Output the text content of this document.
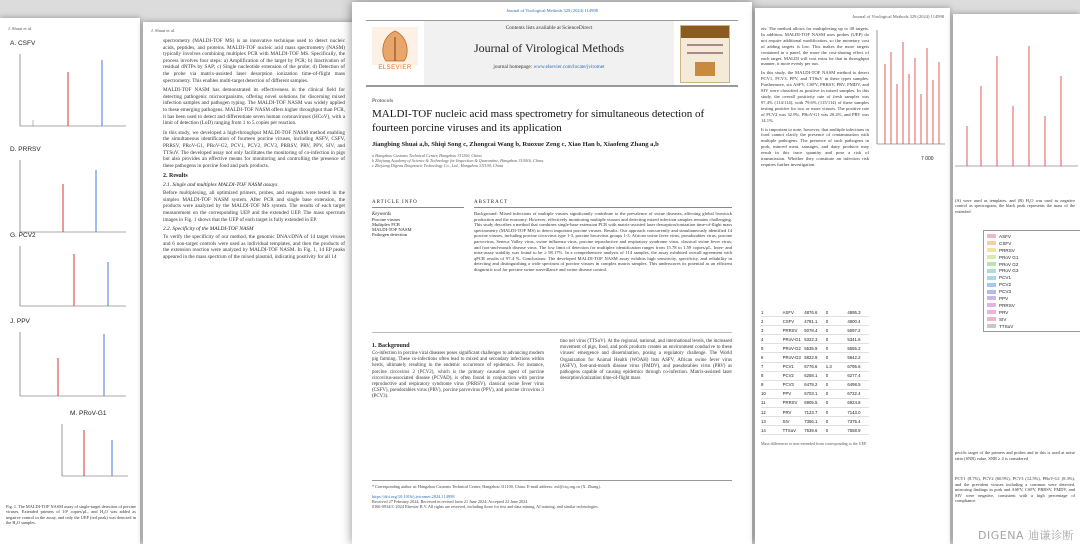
J. Shuai et al.
A. CSFV
D. PRRSV
G. PCV2
J. PPV
M. PRoV-G1
Fig. 1. The MALDI-TOF NASM assay of single-target detection of porcine viruses. Extended primers of 10¹ copies/μL, and H₂O was added as negative control in the assay, and only the UEP (red peak) was detected in the H₂O samples.
J. Shuai et al.
spectrometry (MALDI-TOF MS) is an innovative technique used to detect nucleic acids, peptides, and proteins. MALDI-TOF nucleic acid mass spectrometry (NASM) typically involves combining multiplex PCR with MALDI-TOF MS. Specifically, the process involves four steps: a) Amplification of the target by PCR; b) Inactivation of residual dNTPs by SAP; c) Single nucleotide extension of the probe; d) Detection of the probe via matrix-assisted laser desorption ionization time-of-flight mass spectrometry. This enables multi-target detection of different samples.
MALDI-TOF NASM has demonstrated its effectiveness in the clinical field for detecting pathogenic microorganisms, offering novel solutions for discerning mixed infection samples and pathogen typing. The MALDI-TOF NASM was widely applied to these emerging pathogens. MALDI-TOF NASM offers higher throughput than PCR, it has been used to detect and differentiate seven human coronaviruses (HCoV), with a limit of detection (LoD) ranging from 1 to 5 copies per reaction.
In this study, we developed a high-throughput MALDI-TOF NASM method enabling the simultaneous identification of fourteen porcine viruses, including ASFV, CSFV, PRRSV, PRoV-G1, PRoV-G2, PCV1, PCV2, PCV3, PRRSV, PRV, PPV, SIV, and TTSuV. The developed assay not only facilitates the monitoring of co-infection in pigs but also provides an effective means for monitoring and controlling the presence of these pathogens in porcine food and pork products.
2. Results
2.1. Single and multiplex MALDI-TOF NASM assays
Before multiplexing, all optimized primers, probes, and reagents were tested in the simplex MALDI-TOF NASM system. After PCR and single base extension, the products were analyzed by the MALDI-TOF MS system. The results of each target measurement on the corresponding UEP and the extended UEP. The mass spectrum images in Fig. 1 shows that the UEP of each target is fully extended in EP.
2.2. Specificity of the MALDI-TOF NASM
To verify the specificity of our method, the genomic DNA/cDNA of 14 target viruses and 6 non-target controls were used as individual templates, and then the products of the extension reaction were analyzed by MALDI-TOF NASM. In Fig. 1, 14 EP peaks appeared in the mass spectrum of the mixed plasmid, indicating positivity for all 14
Journal of Virological Methods 329 (2024) 114998
ELSEVIER
Contents lists available at ScienceDirect
Journal of Virological Methods
journal homepage: www.elsevier.com/locate/jviromet
Protocols
MALDI-TOF nucleic acid mass spectrometry for simultaneous detection of fourteen porcine viruses and its application
Jiangbing Shuai a,b, Shiqi Song c, Zhongcai Wang b, Ruoxue Zeng c, Xiao Han b, Xiaofeng Zhang a,b
a Hangzhou Customs Technical Center, Hangzhou 311100, China
b Zhejiang Academy of Science & Technology for Inspection & Quarantine, Hangzhou 310016, China
c Zhejiang Digena Diagnostic Technology Co., Ltd., Hangzhou 311100, China
ARTICLE INFO
Keywords
Porcine viruses
Multiplex PCR
MALDI-TOF NASM
Pathogen detection
ABSTRACT
Background: Mixed infections of multiple viruses significantly contribute to the prevalence of swine diseases, affecting global livestock production and the economy. However, effectively monitoring multiple viruses and detecting mixed infection samples remains challenging. This study describes a method that combines single-base extension PCR with matrix-assisted laser desorption/ionization time-of-flight mass spectrometry (MALDI-TOF MS) to detect important porcine viruses. Results: Our approach concurrently and simultaneously identified 14 porcine viruses, including porcine circovirus type 1-3, porcine bocavirus groups 1-3, African swine fever virus, pseudorabies virus, porcine parvovirus, Seneca Valley virus, swine influenza virus, porcine reproductive and respiratory syndrome virus, classical swine fever virus, and foot-and-mouth disease virus. The low limit of detection for multiplex identification ranges from 15.78 to 1.59 copies/μL. Inter- and intra-assay stability was found to be ≥ 98.17%. In a comprehensive analysis of 114 samples, the assay exhibited overall agreement with qPCR results of 97.4 %. Conclusions: The developed MALDI-TOF NASM assay exhibits high sensitivity, specificity, and reliability in detecting and distinguishing a wide spectrum of porcine viruses in complex matrix samples. This underscores its potential as an efficient diagnostic tool for porcine swine surveillance and swine disease control.
1. Background
Co-infection in porcine viral diseases poses significant challenges to advancing modern pig farming. These co-infections often lead to mixed and secondary infections within herds, ultimately resulting in the endemic occurrence of epidemics. For instance, porcine circovirus 2 (PCV2), which is the primary causative agent of porcine circovirus-associated disease (PCVAD), is often found in conjunction with porcine reproductive and respiratory syndrome virus (PRRSV), classical swine fever virus (CSFV), pseudorabies virus (PRV), porcine parvovirus (PPV), and porcine circovirus 3 (PCV3).
tino nel virus (TTSuV). At the regional, national, and international levels, the increased movement of pigs, food, and pork products creates an environment conducive to these viruses' emergence and dissemination, posing a regulatory challenge. The World Organization for Animal Health (WOAH) lists ASFV, African swine fever virus (ASFV), foot-and-mouth disease virus (FMDV), and pseudorabies virus (PRV) as pathogens capable of causing epidemics through co-infection. Matrix-assisted laser desorption/ionization time-of-flight mass
* Corresponding author at: Hangzhou Customs Technical Center, Hangzhou 311100, China. E-mail address: zxf@ciq.org.cn (X. Zhang).
https://doi.org/10.1016/j.jviromet.2024.114998
Received 27 February 2024; Received in revised form 21 June 2024; Accepted 22 June 2024
0166-0934/© 2024 Elsevier B.V. All rights are reserved, including those for text and data mining, AI training, and similar technologies.
Journal of Virological Methods 329 (2024) 114998
ets. The method allows for multiplexing up to 40 targets. In addition, MALDI-TOF NASM uses probes (UEP) do not require additional modification, so the monetary cost of adding targets is low. This makes the more targets contained in a panel, the more the cost-sharing effect of each target. MALDI will cost extra for that in throughput manner, it more evenly per run.
In this study, the MALDI-TOF NASM method to detect PCV1, PCV3, PPV, and TTSuV in these types samples. Furthermore, six ASFV, CSFV, PRRSV, PRV, FMDV, and SIV were classified as positive in mixed samples. In this study, the overall positivity rate of fresh samples was 97.4% (114/114), with 79.6% (115/114) of these samples testing positive for two or more viruses. The positive rate of PCV2 was 32.9%, PRoV-G1 was 20.2%, and PRV was 14.1%.
It is important to note, however, that multiple infections in food cannot clarify the presence of contamination with multiple pathogens. The presence of such pathogens in pork, minced meat, sausages, and dairy products may result in this trace quantity and pose a risk of transmission. Whether they constitute an infection risk requires further investigation.
7 000
1	ASFV	4876.6	0	4895.3
2	CSFV	4781.1	0	4800.4
3	PRRSV	5078.4	0	5097.2
4	PRoV-G1 5322.3	0	5341.6
5	PRoV-G2 5535.9	0	5555.2
6	PRoV-G3 5822.9	0	5842.2
7	PCV1	6776.6	1.3	6795.6
8	PCV2	6258.1	0	6277.4
9	PCV3	6479.2	0	6498.5
10	PPV	6703.1	0	6722.4
11	PRRSV	6905.5	0	6924.8
12	PRV	7123.7	0	7143.0
13	SIV	7356.1	0	7375.4
14	TTSuV	7539.6	0	7558.9
Mass differences to non-extended from corresponding to the UEP.
(A) were used as templates, and (B) H₂O was used as negative control as spectrogram; the black peak represents the mass of the extended
ASFV
CSFV
PRRSV
PRoV G1
PRoV G2
PRoV G3
PCV1
PCV2
PCV3
PPV
PRRSV
PRV
SIV
TTSuV
pecific target of the primers and probes and in this is used at noise ratio (SNR) value. SNR ≥ 4 is considered
PCV1 (8.7%), PCV2 (60.9%), PCV3 (12.5%), PRoV-G1 (8.3%), and the prevalent viruses including a common were detected, mirroring findings in pork and ASFV, CSFV, PRRSV, FMDV, and SIV were negative, consistent with a high percentage of compliance.
DIGENA 迪谦诊断
